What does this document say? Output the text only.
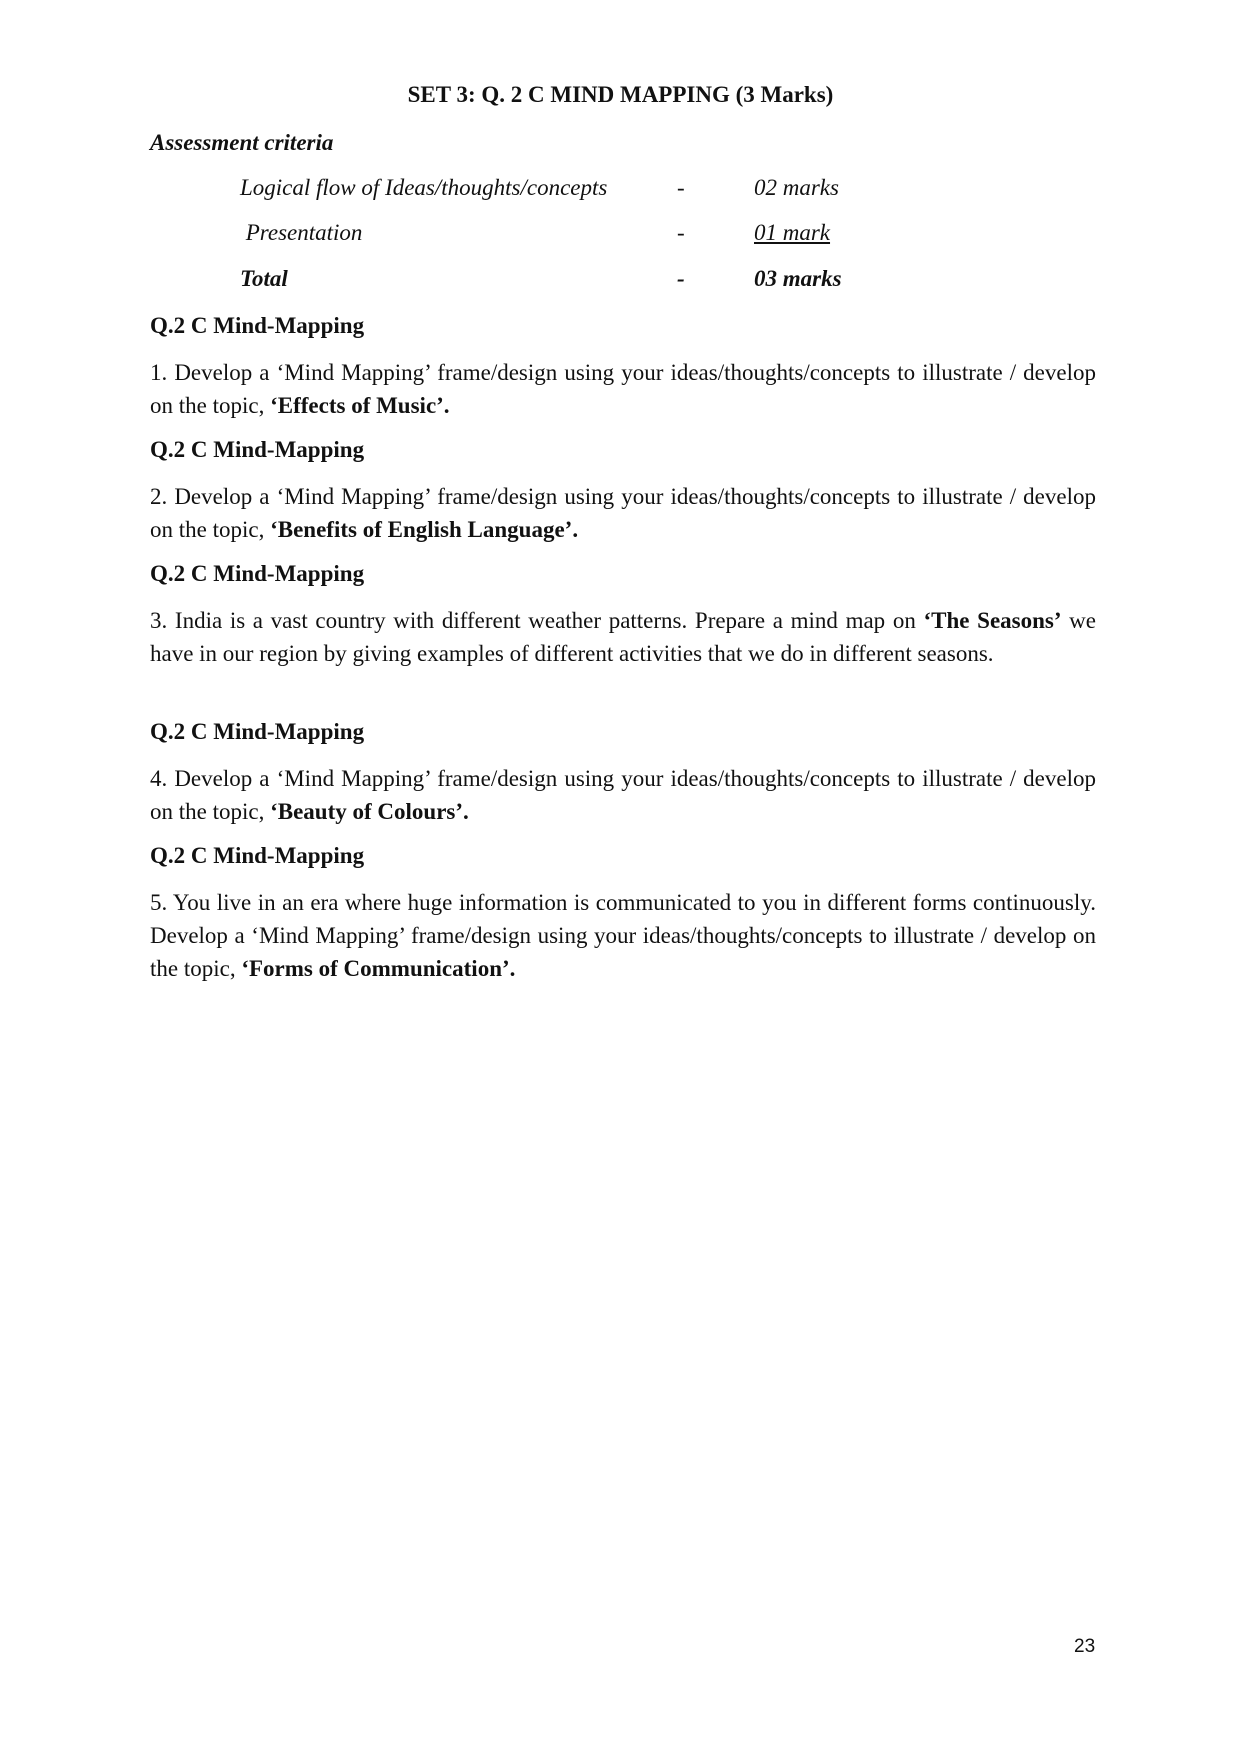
SET 3: Q. 2 C MIND MAPPING (3 Marks)
Assessment criteria
Logical flow of Ideas/thoughts/concepts	-	02 marks
Presentation	-	01 mark
Total	-	03 marks
Q.2 C Mind-Mapping
1. Develop a ‘Mind Mapping’ frame/design using your ideas/thoughts/concepts to illustrate / develop on the topic, ‘Effects of Music’.
Q.2 C Mind-Mapping
2. Develop a ‘Mind Mapping’ frame/design using your ideas/thoughts/concepts to illustrate / develop on the topic, ‘Benefits of English Language’.
Q.2 C Mind-Mapping
3. India is a vast country with different weather patterns. Prepare a mind map on ‘The Seasons’ we have in our region by giving examples of different activities that we do in different seasons.
Q.2 C Mind-Mapping
4. Develop a ‘Mind Mapping’ frame/design using your ideas/thoughts/concepts to illustrate / develop on the topic, ‘Beauty of Colours’.
Q.2 C Mind-Mapping
5. You live in an era where huge information is communicated to you in different forms continuously. Develop a ‘Mind Mapping’ frame/design using your ideas/thoughts/concepts to illustrate / develop on the topic, ‘Forms of Communication’.
23
